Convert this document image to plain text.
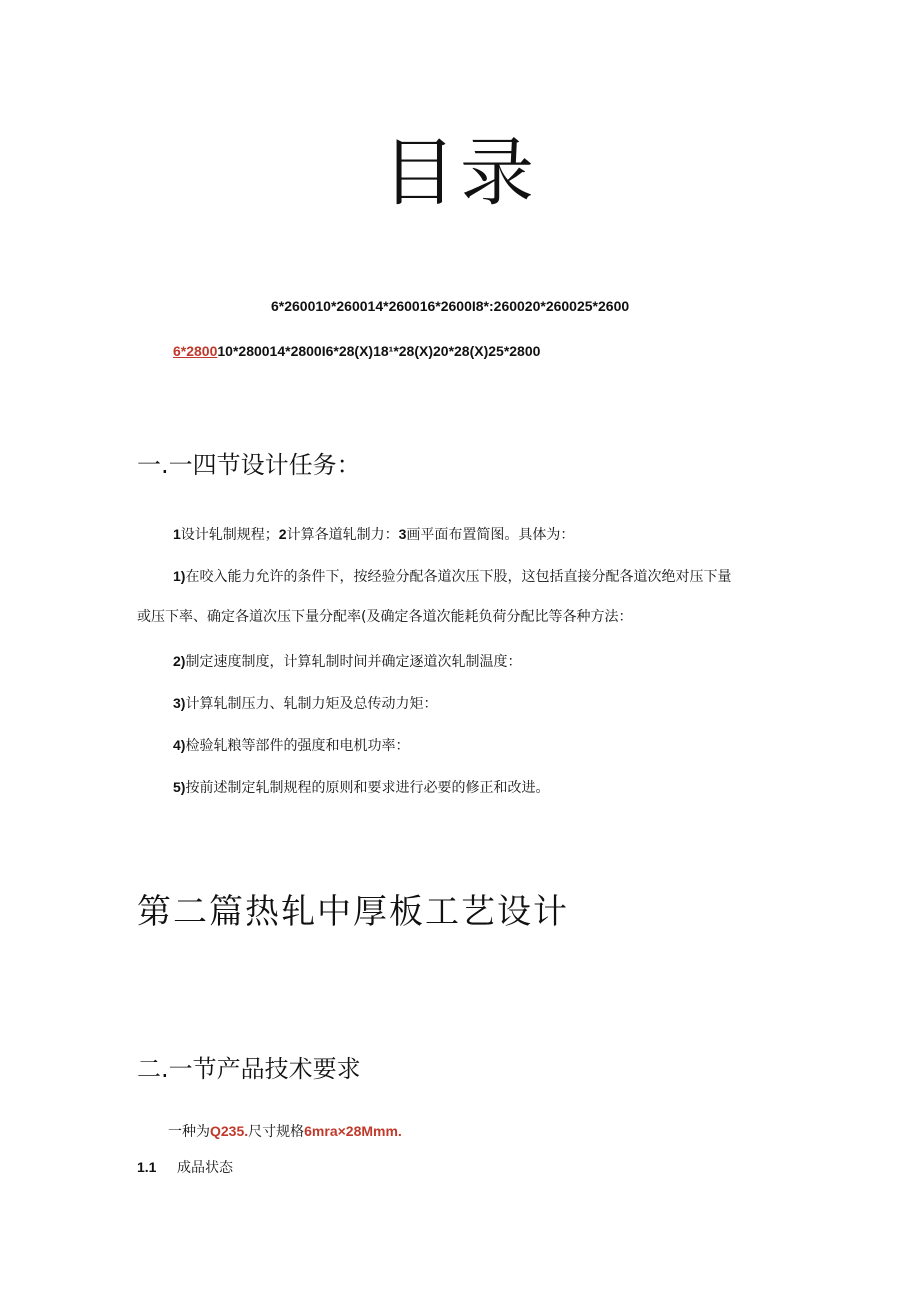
目录
6*260010*260014*260016*2600I8*:260020*260025*2600
6*280010*280014*2800I6*28(X)18¹*28(X)20*28(X)25*2800
一.一四节设计任务：
1设计轧制规程；2计算各道轧制力：3画平面布置简图。具体为：
1)在咬入能力允许的条件下，按经验分配各道次压下股，这包括直接分配各道次绝对压下量
或压下率、确定各道次压下量分配率(及确定各道次能耗负荷分配比等各种方法：
2)制定速度制度，计算轧制时间并确定逐道次轧制温度：
3)计算轧制压力、轧制力矩及总传动力矩：
4)检验轧粮等部件的强度和电机功率：
5)按前述制定轧制规程的原则和要求进行必要的修正和改进。
第二篇热轧中厚板工艺设计
二.一节产品技术要求
一种为Q235.尺寸规格6mra×28Mmm.
1.1 成品状态
